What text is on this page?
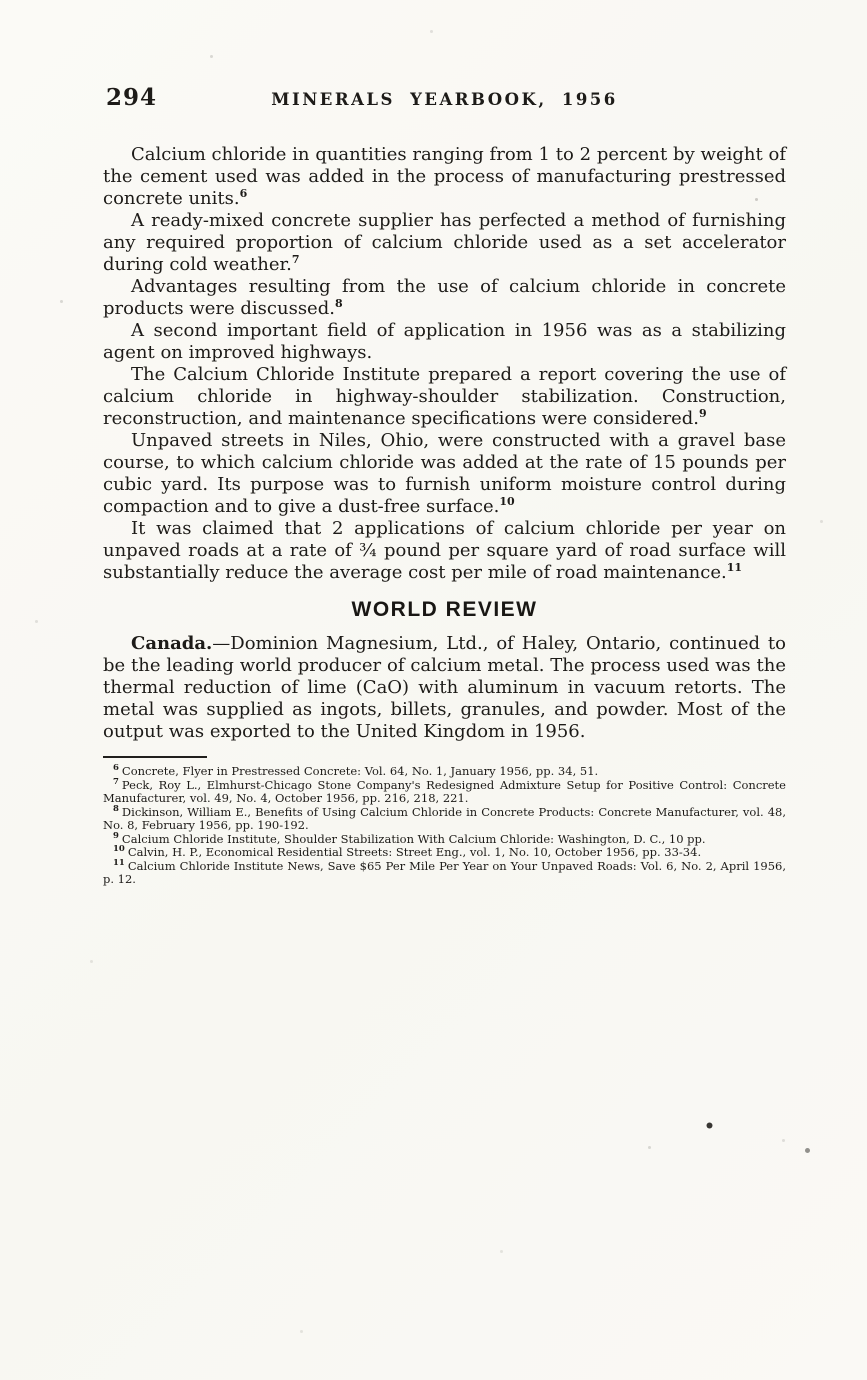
294	MINERALS YEARBOOK, 1956

Calcium chloride in quantities ranging from 1 to 2 percent by weight of the cement used was added in the process of manufacturing prestressed concrete units.$^6$

A ready-mixed concrete supplier has perfected a method of furnishing any required proportion of calcium chloride used as a set accelerator during cold weather.$^7$

Advantages resulting from the use of calcium chloride in concrete products were discussed.$^8$

A second important field of application in 1956 was as a stabilizing agent on improved highways.

The Calcium Chloride Institute prepared a report covering the use of calcium chloride in highway-shoulder stabilization. Construction, reconstruction, and maintenance specifications were considered.$^9$

Unpaved streets in Niles, Ohio, were constructed with a gravel base course, to which calcium chloride was added at the rate of 15 pounds per cubic yard. Its purpose was to furnish uniform moisture control during compaction and to give a dust-free surface.$^{10}$

It was claimed that 2 applications of calcium chloride per year on unpaved roads at a rate of ¾ pound per square yard of road surface will substantially reduce the average cost per mile of road maintenance.$^{11}$

WORLD REVIEW

Canada.—Dominion Magnesium, Ltd., of Haley, Ontario, continued to be the leading world producer of calcium metal. The process used was the thermal reduction of lime (CaO) with aluminum in vacuum retorts. The metal was supplied as ingots, billets, granules, and powder. Most of the output was exported to the United Kingdom in 1956.

$^6$ Concrete, Flyer in Prestressed Concrete: Vol. 64, No. 1, January 1956, pp. 34, 51.

$^7$ Peck, Roy L., Elmhurst-Chicago Stone Company's Redesigned Admixture Setup for Positive Control: Concrete Manufacturer, vol. 49, No. 4, October 1956, pp. 216, 218, 221.

$^8$ Dickinson, William E., Benefits of Using Calcium Chloride in Concrete Products: Concrete Manufacturer, vol. 48, No. 8, February 1956, pp. 190-192.

$^9$ Calcium Chloride Institute, Shoulder Stabilization With Calcium Chloride: Washington, D. C., 10 pp.

$^{10}$ Calvin, H. P., Economical Residential Streets: Street Eng., vol. 1, No. 10, October 1956, pp. 33-34.

$^{11}$ Calcium Chloride Institute News, Save $65 Per Mile Per Year on Your Unpaved Roads: Vol. 6, No. 2, April 1956, p. 12.
